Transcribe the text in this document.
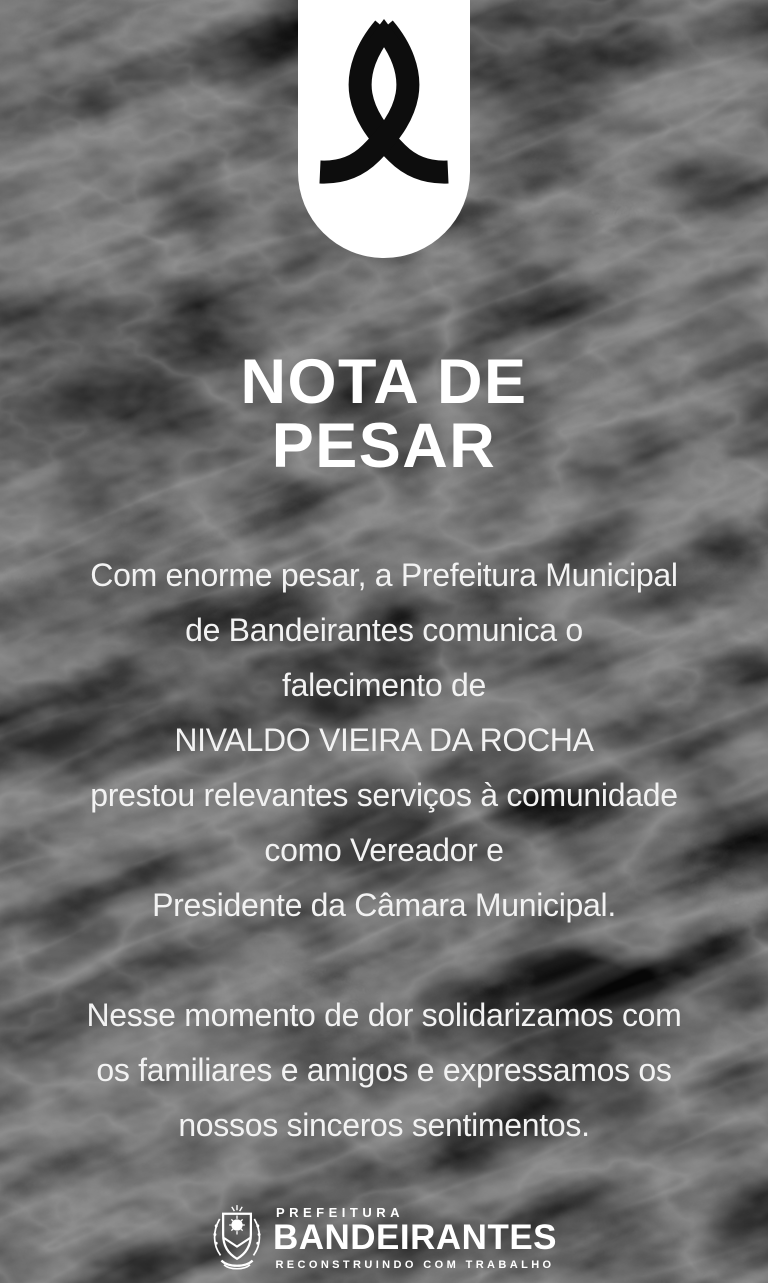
NOTA DE
PESAR
Com enorme pesar, a Prefeitura Municipal
de Bandeirantes comunica o
falecimento de
NIVALDO VIEIRA DA ROCHA
prestou relevantes serviços à comunidade
como Vereador e
Presidente da Câmara Municipal.
Nesse momento de dor solidarizamos com
os familiares e amigos e expressamos os
nossos sinceros sentimentos.
PREFEITURA
BANDEIRANTES
RECONSTRUINDO COM TRABALHO
